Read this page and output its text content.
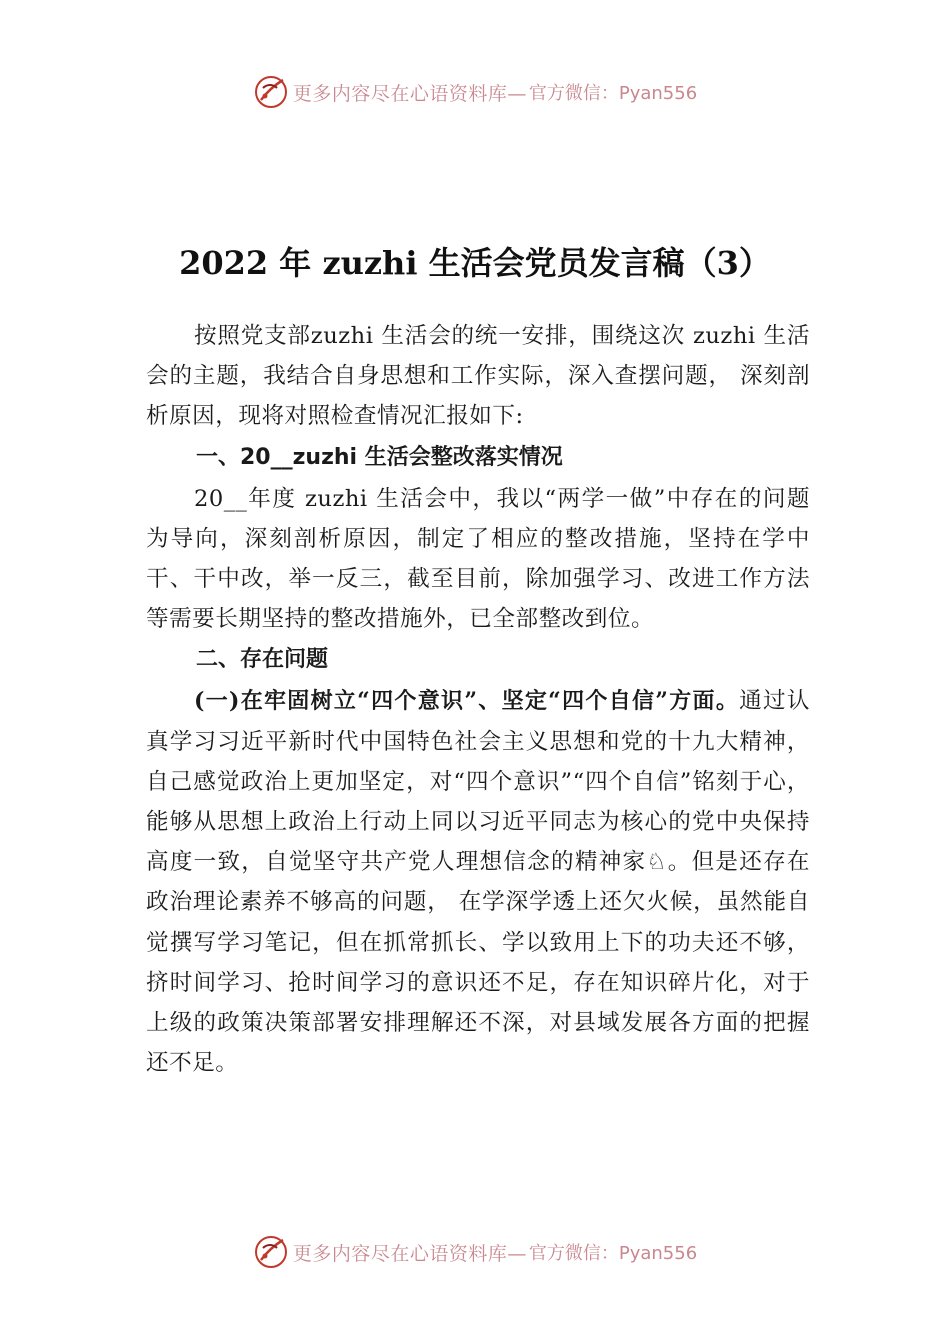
更多内容尽在心语资料库— 官方微信：Pyan556
2022 年 zuzhi 生活会党员发言稿（3）

按照党支部zuzhi 生活会的统一安排，围绕这次 zuzhi 生活会的主题，我结合自身思想和工作实际，深入查摆问题， 深刻剖析原因，现将对照检查情况汇报如下:

一、20__zuzhi 生活会整改落实情况

20__年度 zuzhi 生活会中，我以“两学一做”中存在的问题为导向，深刻剖析原因，制定了相应的整改措施，坚持在学中干、干中改，举一反三，截至目前，除加强学习、改进工作方法等需要长期坚持的整改措施外，已全部整改到位。

二、存在问题

(一)在牢固树立“四个意识”、坚定“四个自信”方面。通过认真学习习近平新时代中国特色社会主义思想和党的十九大精神，自己感觉政治上更加坚定，对“四个意识”“四个自信”铭刻于心，能够从思想上政治上行动上同以习近平同志为核心的党中央保持高度一致，自觉坚守共产党人理想信念的精神家♘。但是还存在政治理论素养不够高的问题， 在学深学透上还欠火候，虽然能自觉撰写学习笔记，但在抓常抓长、学以致用上下的功夫还不够，挤时间学习、抢时间学习的意识还不足，存在知识碎片化，对于上级的政策决策部署安排理解还不深，对县域发展各方面的把握还不足。

更多内容尽在心语资料库— 官方微信：Pyan556
